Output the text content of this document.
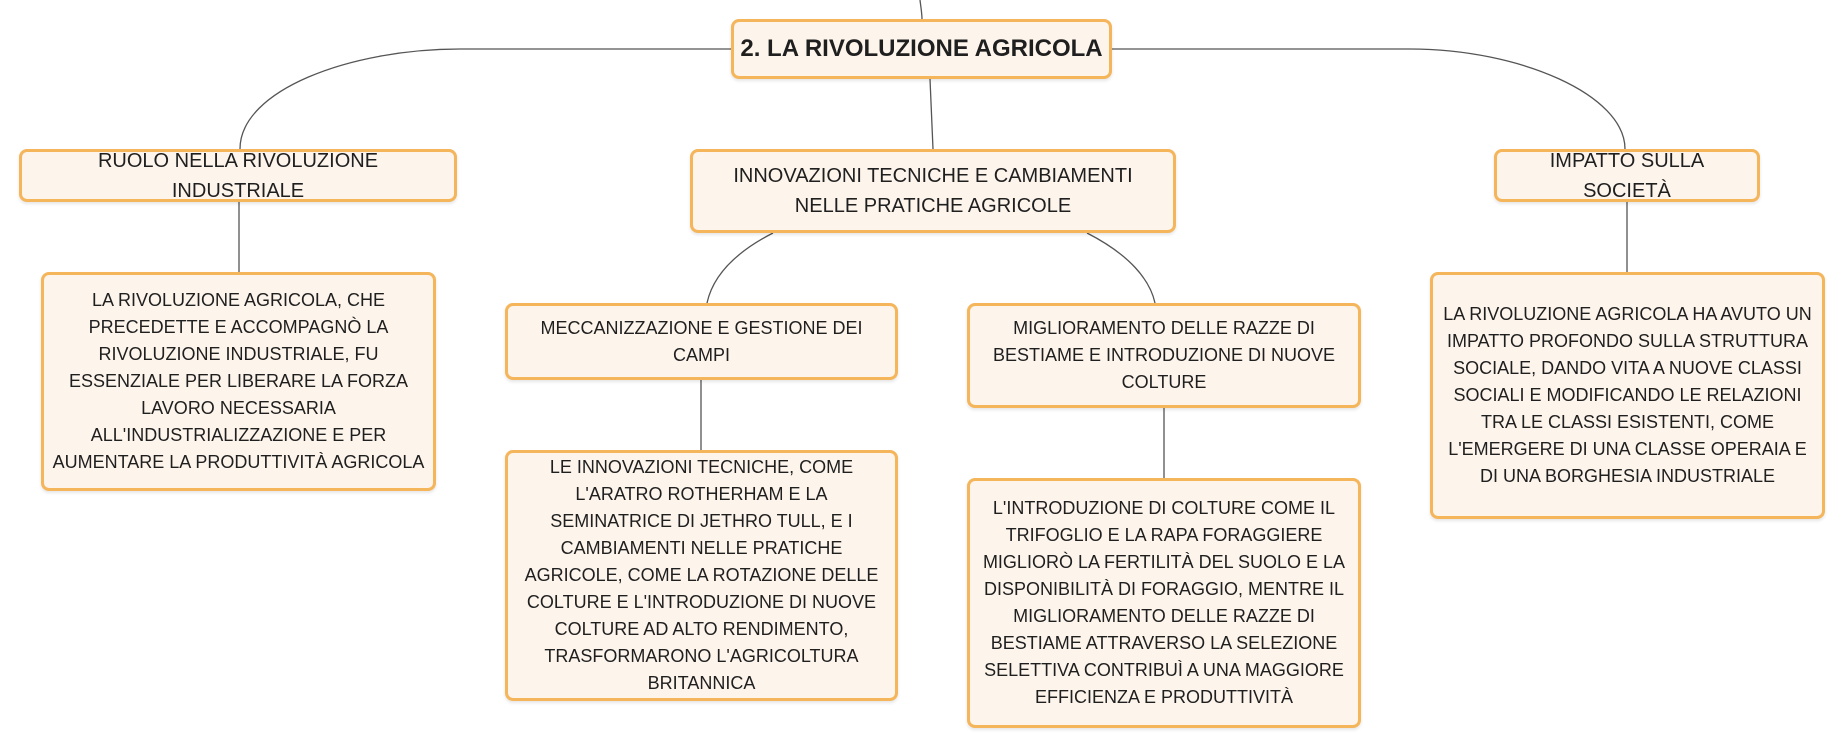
2. LA RIVOLUZIONE AGRICOLA
RUOLO NELLA RIVOLUZIONE INDUSTRIALE
INNOVAZIONI TECNICHE E CAMBIAMENTI NELLE PRATICHE AGRICOLE
IMPATTO SULLA SOCIETÀ
LA RIVOLUZIONE AGRICOLA, CHE PRECEDETTE E ACCOMPAGNÒ LA RIVOLUZIONE INDUSTRIALE, FU ESSENZIALE PER LIBERARE LA FORZA LAVORO NECESSARIA ALL'INDUSTRIALIZZAZIONE E PER AUMENTARE LA PRODUTTIVITÀ AGRICOLA
MECCANIZZAZIONE E GESTIONE DEI CAMPI
MIGLIORAMENTO DELLE RAZZE DI BESTIAME E INTRODUZIONE DI NUOVE COLTURE
LE INNOVAZIONI TECNICHE, COME L'ARATRO ROTHERHAM E LA SEMINATRICE DI JETHRO TULL, E I CAMBIAMENTI NELLE PRATICHE AGRICOLE, COME LA ROTAZIONE DELLE COLTURE E L'INTRODUZIONE DI NUOVE COLTURE AD ALTO RENDIMENTO, TRASFORMARONO L'AGRICOLTURA BRITANNICA
L'INTRODUZIONE DI COLTURE COME IL TRIFOGLIO E LA RAPA FORAGGIERE MIGLIORÒ LA FERTILITÀ DEL SUOLO E LA DISPONIBILITÀ DI FORAGGIO, MENTRE IL MIGLIORAMENTO DELLE RAZZE DI BESTIAME ATTRAVERSO LA SELEZIONE SELETTIVA CONTRIBUÌ A UNA MAGGIORE EFFICIENZA E PRODUTTIVITÀ
LA RIVOLUZIONE AGRICOLA HA AVUTO UN IMPATTO PROFONDO SULLA STRUTTURA SOCIALE, DANDO VITA A NUOVE CLASSI SOCIALI E MODIFICANDO LE RELAZIONI TRA LE CLASSI ESISTENTI, COME L'EMERGERE DI UNA CLASSE OPERAIA E DI UNA BORGHESIA INDUSTRIALE
